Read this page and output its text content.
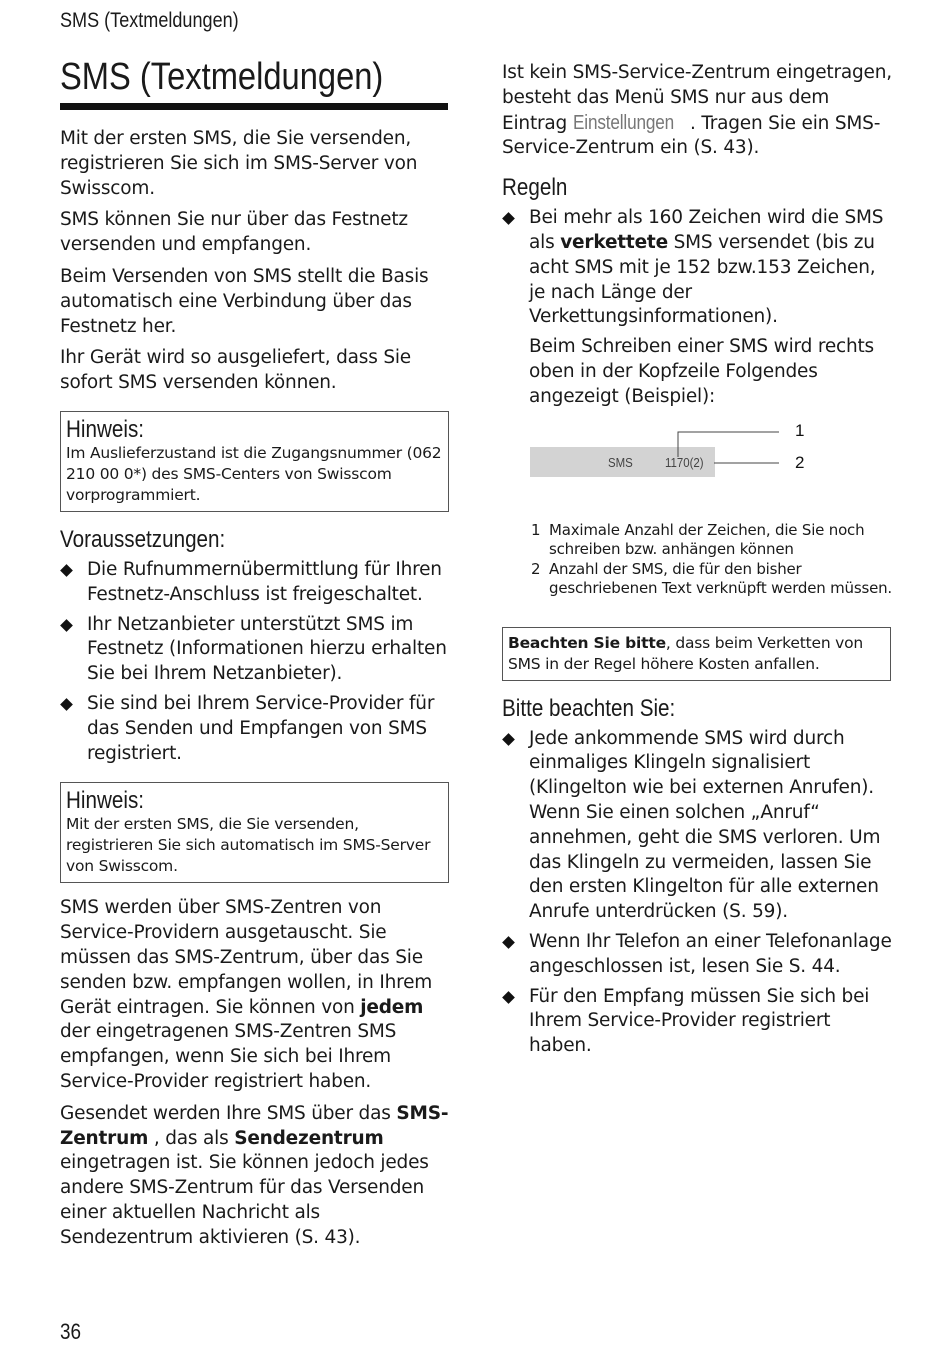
SMS (Textmeldungen)
SMS (Textmeldungen)

Mit der ersten SMS, die Sie versenden, registrieren Sie sich im SMS-Server von Swisscom.

SMS können Sie nur über das Festnetz versenden und empfangen.

Beim Versenden von SMS stellt die Basis automatisch eine Verbindung über das Festnetz her.

Ihr Gerät wird so ausgeliefert, dass Sie sofort SMS versenden können.

Hinweis:

Im Auslieferzustand ist die Zugangsnummer (062 210 00 0*) des SMS-Centers von Swisscom vorprogrammiert.

Voraussetzungen:
Die Rufnummernübermittlung für Ihren Festnetz-Anschluss ist freigeschaltet.
Ihr Netzanbieter unterstützt SMS im Festnetz (Informationen hierzu erhalten Sie bei Ihrem Netzanbieter).
Sie sind bei Ihrem Service-Provider für das Senden und Empfangen von SMS registriert.
Hinweis:

Mit der ersten SMS, die Sie versenden, registrieren Sie sich automatisch im SMS-Server von Swisscom.

SMS werden über SMS-Zentren von Service-Providern ausgetauscht. Sie müssen das SMS-Zentrum, über das Sie senden bzw. empfangen wollen, in Ihrem Gerät eintragen. Sie können von jedem der eingetragenen SMS-Zentren SMS empfangen, wenn Sie sich bei Ihrem Service-Provider registriert haben.

Gesendet werden Ihre SMS über das SMS-Zentrum , das als Sendezentrum eingetragen ist. Sie können jedoch jedes andere SMS-Zentrum für das Versenden einer aktuellen Nachricht als Sendezentrum aktivieren (S. 43).

Ist kein SMS-Service-Zentrum eingetragen, besteht das Menü SMS nur aus dem Eintrag Einstellungen . Tragen Sie ein SMS-Service-Zentrum ein (S. 43).

Regeln
Bei mehr als 160 Zeichen wird die SMS als verkettete SMS versendet (bis zu acht SMS mit je 152 bzw.153 Zeichen, je nach Länge der Verkettungsinformationen).

Beim Schreiben einer SMS wird rechts oben in der Kopfzeile Folgendes angezeigt (Beispiel):

SMS 1170(2)
1
2
1 Maximale Anzahl der Zeichen, die Sie noch schreiben bzw. anhängen können
2 Anzahl der SMS, die für den bisher geschriebenen Text verknüpft werden müssen.
Beachten Sie bitte, dass beim Verketten von SMS in der Regel höhere Kosten anfallen.
Bitte beachten Sie:
Jede ankommende SMS wird durch einmaliges Klingeln signalisiert (Klingelton wie bei externen Anrufen). Wenn Sie einen solchen „Anruf“ annehmen, geht die SMS verloren. Um das Klingeln zu vermeiden, lassen Sie den ersten Klingelton für alle externen Anrufe unterdrücken (S. 59).
Wenn Ihr Telefon an einer Telefonanlage angeschlossen ist, lesen Sie S. 44.
Für den Empfang müssen Sie sich bei Ihrem Service-Provider registriert haben.
36
